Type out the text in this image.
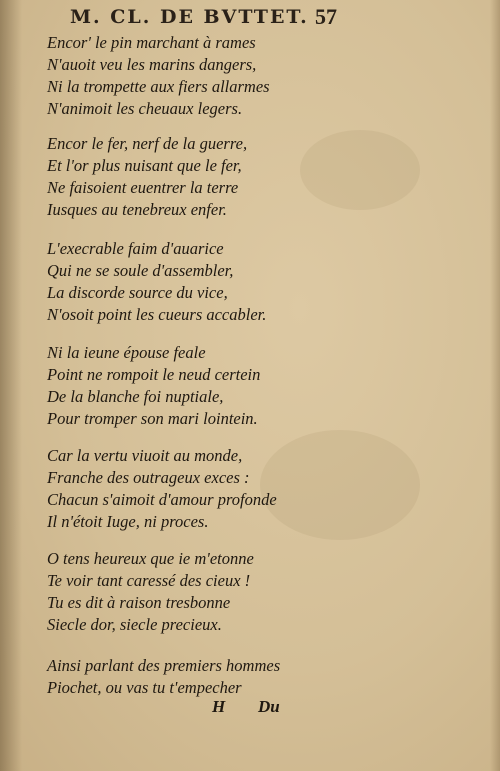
M. CL. DE BVTTET. 57
Encor' le pin marchant à rames
N'auoit veu les marins dangers,
Ni la trompette aux fiers allarmes
N'animoit les cheuaux legers.
Encor le fer, nerf de la guerre,
Et l'or plus nuisant que le fer,
Ne faisoient euentrer la terre
Iusques au tenebreux enfer.
L'execrable faim d'auarice
Qui ne se soule d'assembler,
La discorde source du vice,
N'osoit point les cueurs accabler.
Ni la ieune épouse feale
Point ne rompoit le neud certein
De la blanche foi nuptiale,
Pour tromper son mari lointein.
Car la vertu viuoit au monde,
Franche des outrageux exces :
Chacun s'aimoit d'amour profonde
Il n'étoit Iuge, ni proces.
O tens heureux que ie m'etonne
Te voir tant caressé des cieux !
Tu es dit à raison tresbonne
Siecle dor, siecle precieux.
Ainsi parlant des premiers hommes
Piochet, ou vas tu t'empecher
H Du
